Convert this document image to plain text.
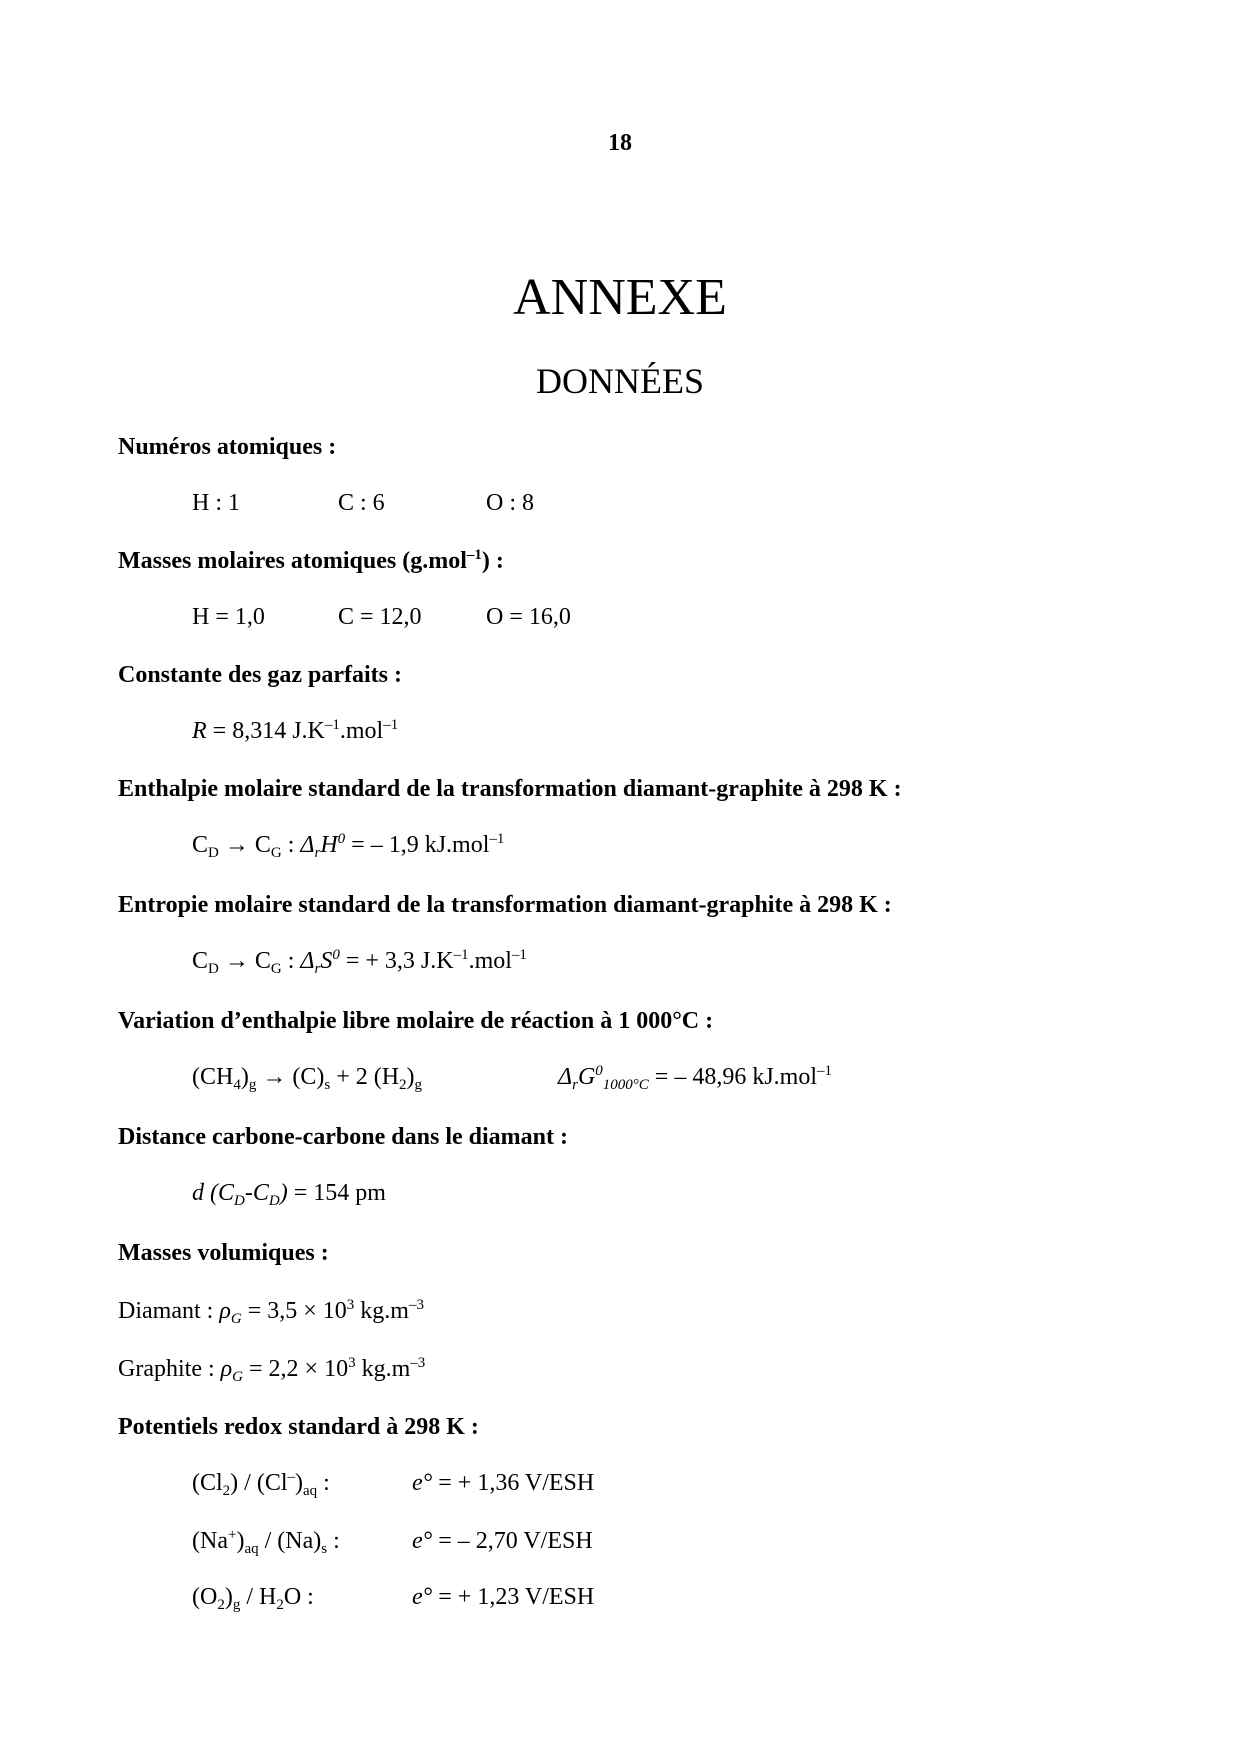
18
ANNEXE
DONNÉES
Numéros atomiques :
H : 1	C : 6	O : 8
Masses molaires atomiques (g.mol$^{-1}$) :
H = 1,0	C = 12,0	O = 16,0
Constante des gaz parfaits :
R = 8,314 $J.K^{-1}.mol^{-1}$
Enthalpie molaire standard de la transformation diamant-graphite à 298 K :
$C_D \to C_G$ : $\Delta_rH^0$ = – 1,9 kJ.mol$^{-1}$
Entropie molaire standard de la transformation diamant-graphite à 298 K :
$C_D \to C_G$ : $\Delta_rS^0$ = + 3,3 $J.K^{-1}.mol^{-1}$
Variation d’enthalpie libre molaire de réaction à 1 000°C :
$(CH_4)_g \to (C)_s + 2$ $(H_2)_g$	$\Delta_rG^0_{1000^\circ C}$ = – 48,96 kJ.mol$^{-1}$
Distance carbone-carbone dans le diamant :
d $(C_D-C_D) = 154$ pm
Masses volumiques :
Diamant : $\rho_G = 3,5 \times 10^3$ $kg.m^{-3}$
Graphite : $\rho_G = 2,2 \times 10^3$ $kg.m^{-3}$
Potentiels redox standard à 298 K :
$(Cl_2) / (Cl^-)_{aq}$ :	e° = + 1,36 V/ESH
$(Na^+)_{aq} / (Na)_s$ :	e° = – 2,70 V/ESH
$(O_2)_g / H_2O$ :	e° = + 1,23 V/ESH
